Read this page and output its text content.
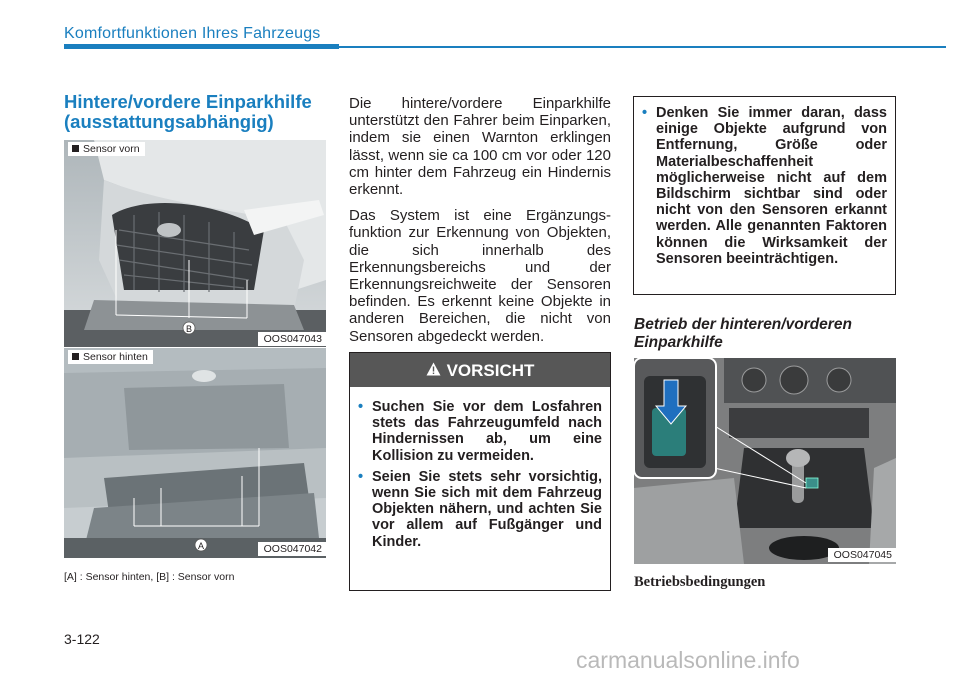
Komfortfunktionen Ihres Fahrzeugs
Hintere/vordere Einparkhilfe
(ausstattungsabhängig)
B
Sensor vorn
OOS047043
A
Sensor hinten
OOS047042
[A] : Sensor hinten, [B] : Sensor vorn

Die hintere/vordere Einparkhilfe unterstützt den Fahrer beim Einparken, indem sie einen Warnton erklingen lässt, wenn sie ca 100 cm vor oder 120 cm hinter dem Fahrzeug ein Hindernis erkennt.

Das System ist eine Ergänzungs-funktion zur Erkennung von Objekten, die sich innerhalb des Erkennungsbereichs und der Erkennungsreichweite der Sensoren befinden. Es erkennt keine Objekte in anderen Bereichen, die nicht von Sensoren abgedeckt werden.

VORSICHT
• Suchen Sie vor dem Losfahren stets das Fahrzeugumfeld nach Hindernissen ab, um eine Kollision zu vermeiden.
• Seien Sie stets sehr vorsichtig, wenn Sie sich mit dem Fahrzeug Objekten nähern, und achten Sie vor allem auf Fußgänger und Kinder.
• Denken Sie immer daran, dass einige Objekte aufgrund von Entfernung, Größe oder Materialbeschaffenheit möglicherweise nicht auf dem Bildschirm sichtbar sind oder nicht von den Sensoren erkannt werden. Alle genannten Faktoren können die Wirksamkeit der Sensoren beeinträchtigen.
Betrieb der hinteren/vorderen
Einparkhilfe
OOS047045
Betriebsbedingungen
3-122
carmanualsonline.info
